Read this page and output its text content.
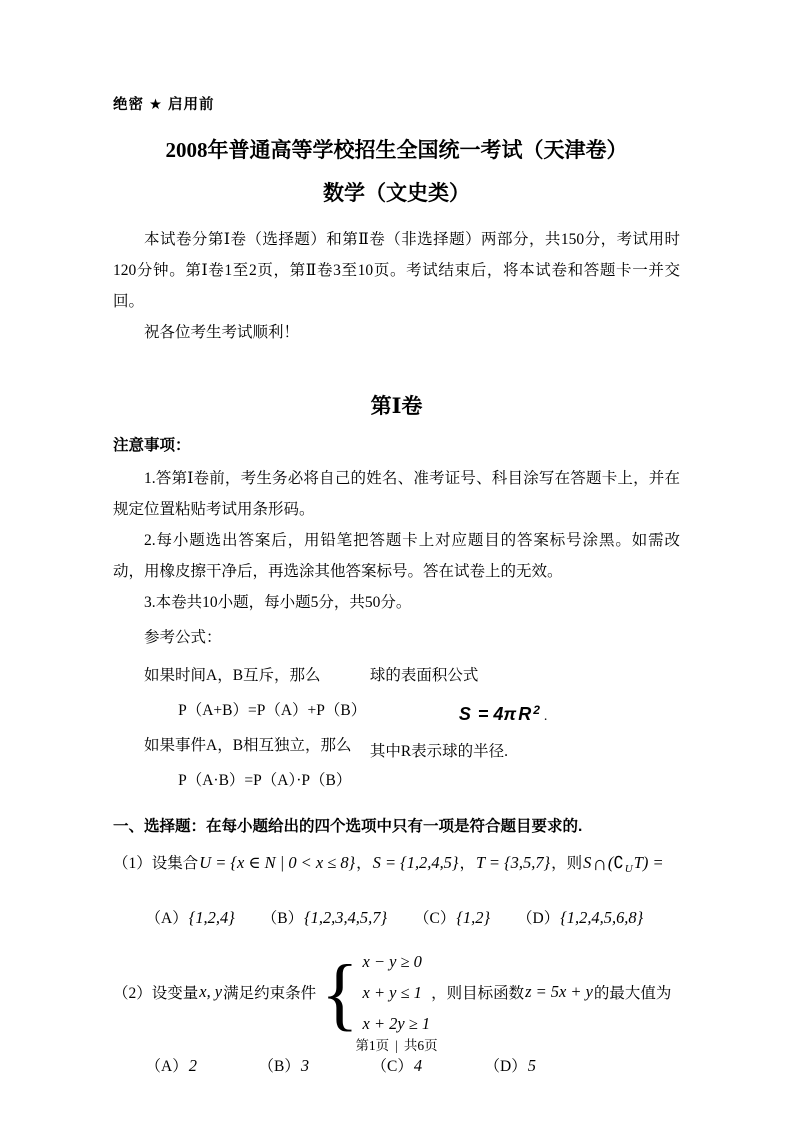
绝密 ★ 启用前
2008年普通高等学校招生全国统一考试（天津卷）
数学（文史类）

本试卷分第Ⅰ卷（选择题）和第Ⅱ卷（非选择题）两部分，共150分，考试用时120分钟。第Ⅰ卷1至2页，第Ⅱ卷3至10页。考试结束后，将本试卷和答题卡一并交回。

祝各位考生考试顺利！

第Ⅰ卷
注意事项：

1.答第Ⅰ卷前，考生务必将自己的姓名、准考证号、科目涂写在答题卡上，并在规定位置粘贴考试用条形码。

2.每小题选出答案后，用铅笔把答题卡上对应题目的答案标号涂黑。如需改动，用橡皮擦干净后，再选涂其他答案标号。答在试卷上的无效。

3.本卷共10小题，每小题5分，共50分。

参考公式：

如果时间A，B互斥，那么

P（A+B）=P（A）+P（B）

如果事件A，B相互独立，那么

P（A·B）=P（A）·P（B）

球的表面积公式

S = 4π R $^2$ .

其中R表示球的半径.

一、选择题：在每小题给出的四个选项中只有一项是符合题目要求的.

（1）设集合U = {x ∈ N | 0 < x ≤ 8}，S = {1,2,4,5}，T = {3,5,7}，则$S\cap(∁_UT)$ =

（A）{1,2,4} （B）{1,2,3,4,5,7} （C）{1,2} （D）{1,2,4,5,6,8}
（2） 设变量 x, y 满足约束条件 { x − y ≥ 0
x + y ≤ 1
x + 2y ≥ 1
，则目标函数 z = 5x + y 的最大值为
（A）2	（B）3	（C）4	（D）5
第1页 | 共6页
